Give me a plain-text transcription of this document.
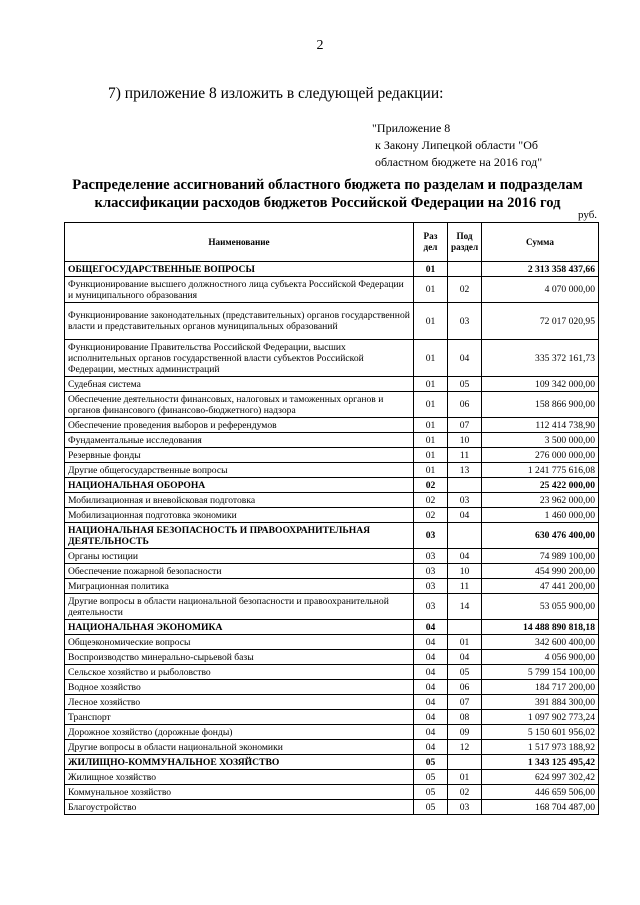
2
7) приложение 8 изложить в следующей редакции:
"Приложение 8
к Закону Липецкой области "Об
областном бюджете на 2016 год"
Распределение ассигнований областного бюджета по разделам и подразделам
классификации расходов бюджетов Российской Федерации на 2016 год
руб.
Наименование	Раз дел	Под раздел	Сумма
ОБЩЕГОСУДАРСТВЕННЫЕ ВОПРОСЫ	01		2 313 358 437,66
Функционирование высшего должностного лица субъекта Российской Федерации и муниципального образования	01	02	4 070 000,00
Функционирование законодательных (представительных) органов государственной власти и представительных органов муниципальных образований	01	03	72 017 020,95
Функционирование Правительства Российской Федерации, высших исполнительных органов государственной власти субъектов Российской Федерации, местных администраций	01	04	335 372 161,73
Судебная система	01	05	109 342 000,00
Обеспечение деятельности финансовых, налоговых и таможенных органов и органов финансового (финансово-бюджетного) надзора	01	06	158 866 900,00
Обеспечение проведения выборов и референдумов	01	07	112 414 738,90
Фундаментальные исследования	01	10	3 500 000,00
Резервные фонды	01	11	276 000 000,00
Другие общегосударственные вопросы	01	13	1 241 775 616,08
НАЦИОНАЛЬНАЯ ОБОРОНА	02		25 422 000,00
Мобилизационная и вневойсковая подготовка	02	03	23 962 000,00
Мобилизационная подготовка экономики	02	04	1 460 000,00
НАЦИОНАЛЬНАЯ БЕЗОПАСНОСТЬ И ПРАВООХРАНИТЕЛЬНАЯ ДЕЯТЕЛЬНОСТЬ	03		630 476 400,00
Органы юстиции	03	04	74 989 100,00
Обеспечение пожарной безопасности	03	10	454 990 200,00
Миграционная политика	03	11	47 441 200,00
Другие вопросы в области национальной безопасности и правоохранительной деятельности	03	14	53 055 900,00
НАЦИОНАЛЬНАЯ ЭКОНОМИКА	04		14 488 890 818,18
Общеэкономические вопросы	04	01	342 600 400,00
Воспроизводство минерально-сырьевой базы	04	04	4 056 900,00
Сельское хозяйство и рыболовство	04	05	5 799 154 100,00
Водное хозяйство	04	06	184 717 200,00
Лесное хозяйство	04	07	391 884 300,00
Транспорт	04	08	1 097 902 773,24
Дорожное хозяйство (дорожные фонды)	04	09	5 150 601 956,02
Другие вопросы в области национальной экономики	04	12	1 517 973 188,92
ЖИЛИЩНО-КОММУНАЛЬНОЕ ХОЗЯЙСТВО	05		1 343 125 495,42
Жилищное хозяйство	05	01	624 997 302,42
Коммунальное хозяйство	05	02	446 659 506,00
Благоустройство	05	03	168 704 487,00
